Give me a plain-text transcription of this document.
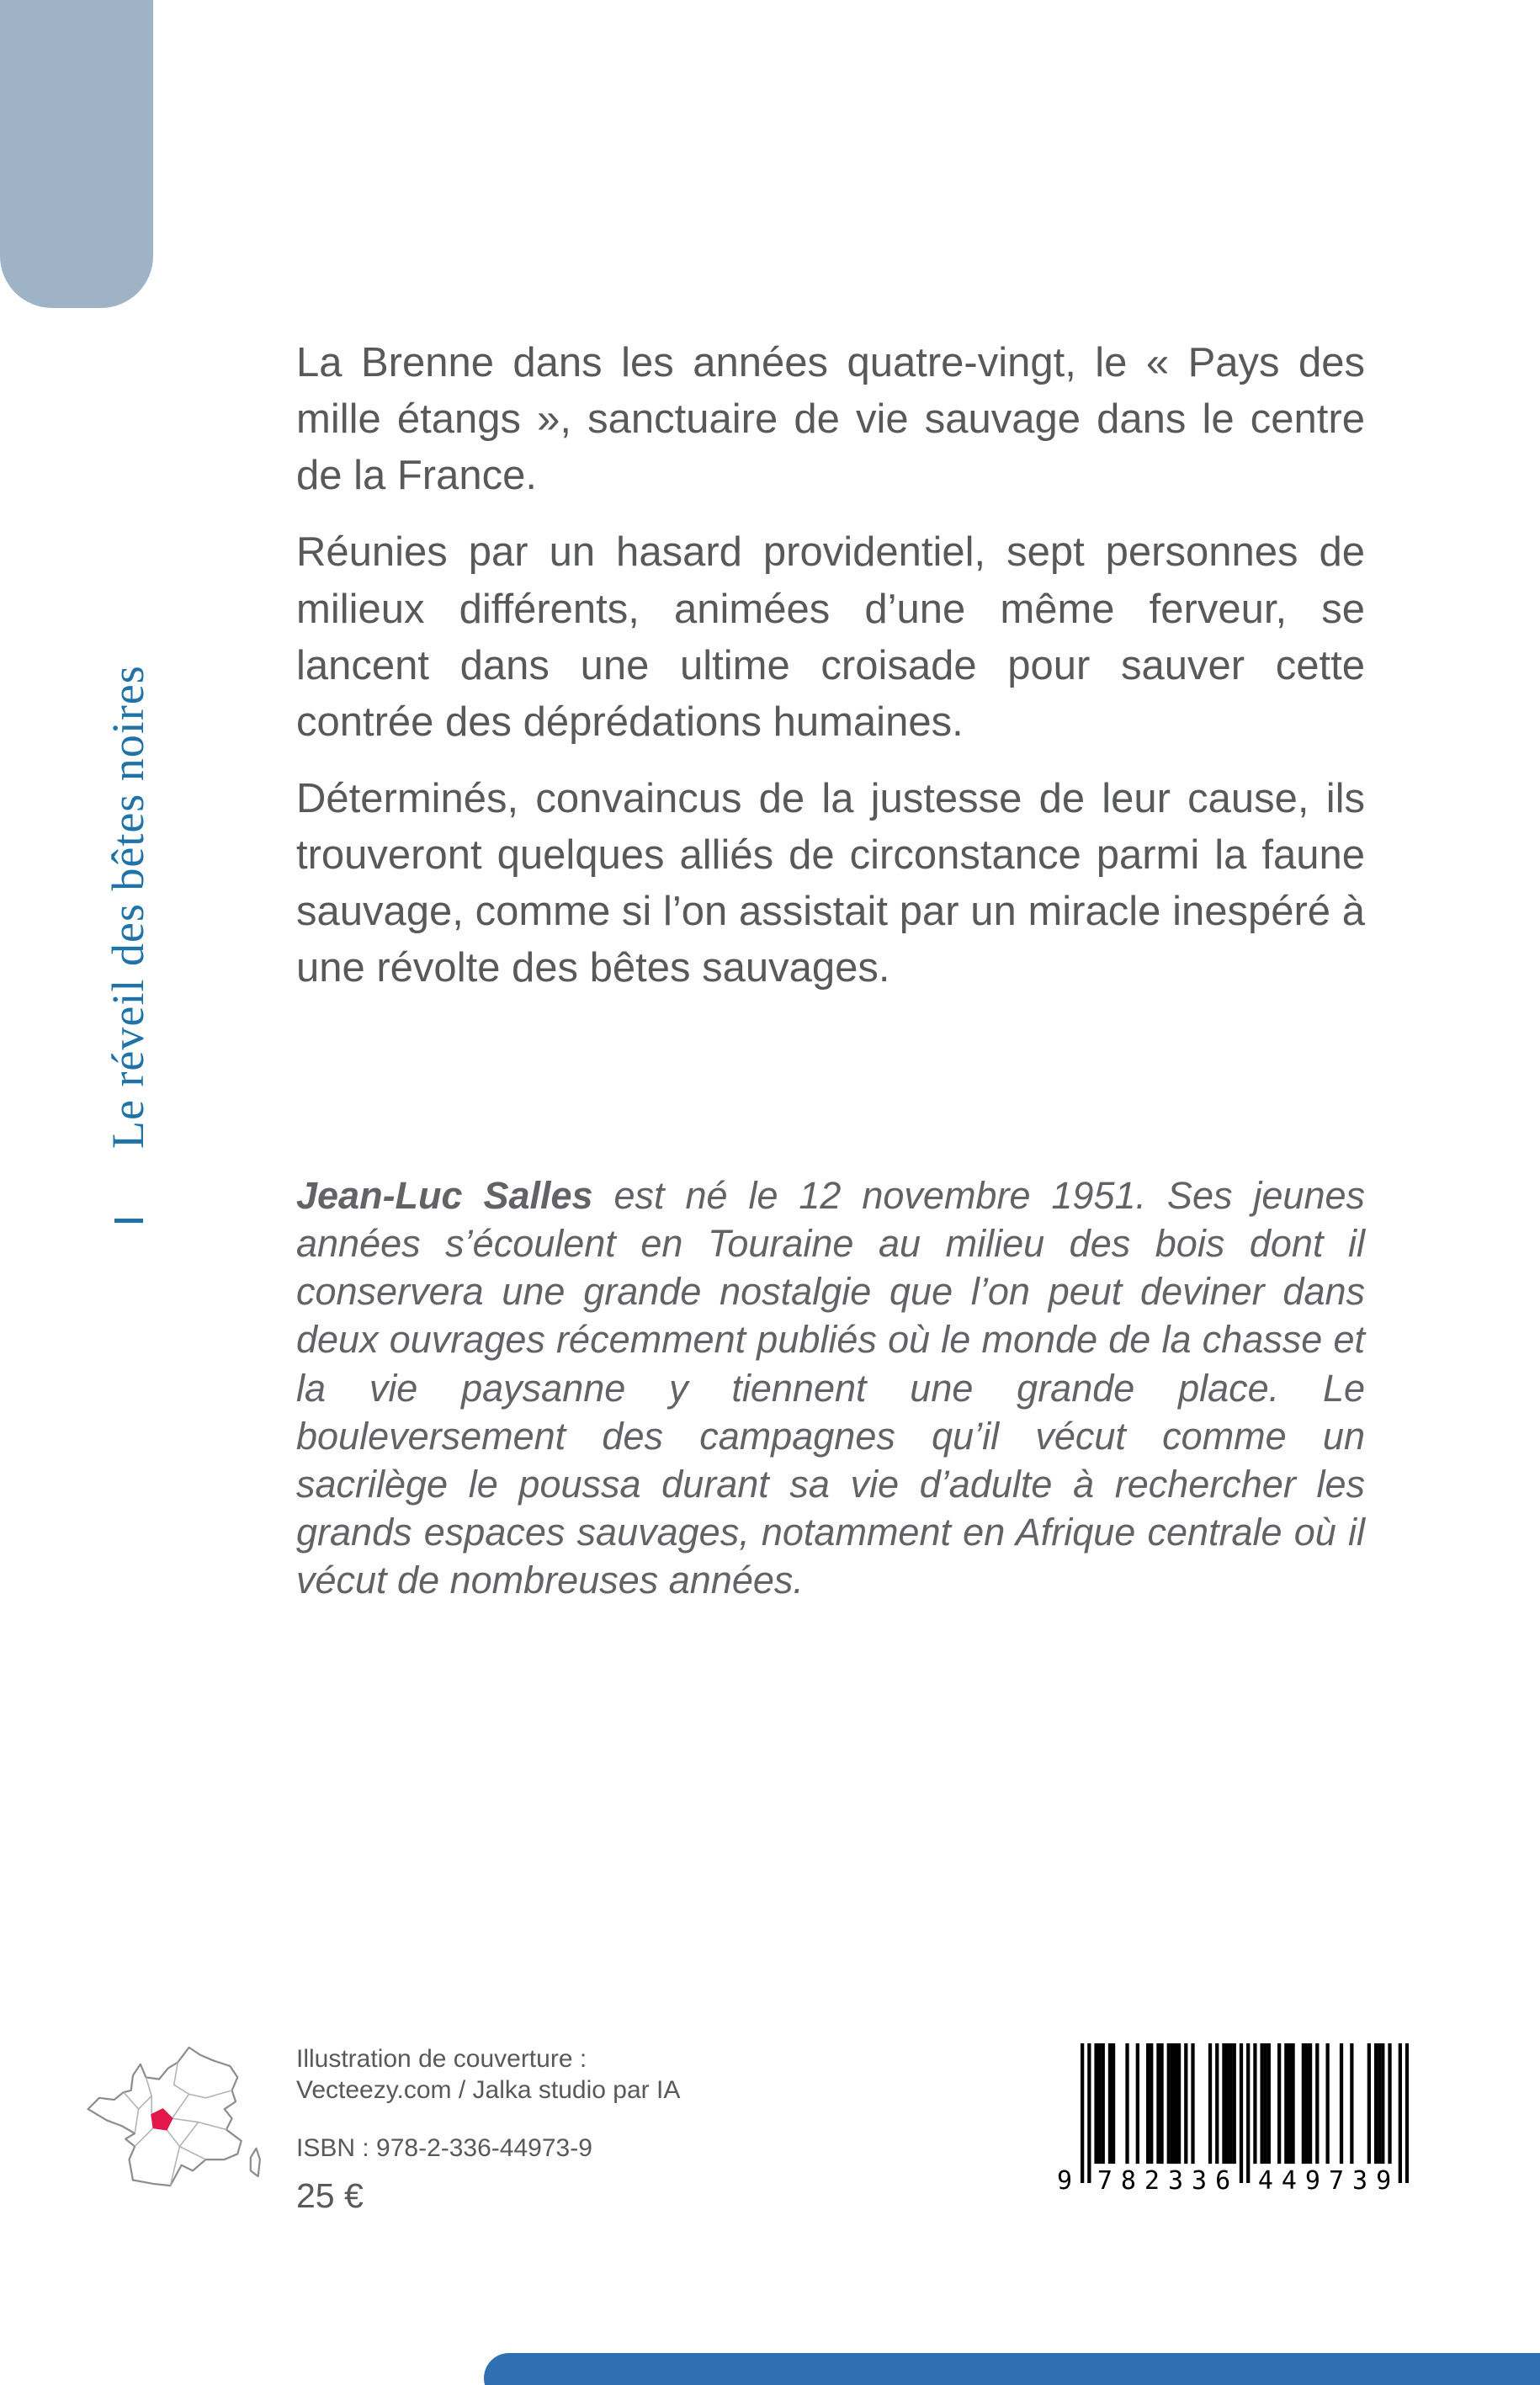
Le réveil des bêtes noires

La Brenne dans les années quatre-vingt, le « Pays des mille étangs », sanctuaire de vie sauvage dans le centre de la France.

Réunies par un hasard providentiel, sept personnes de milieux différents, animées d’une même ferveur, se lancent dans une ultime croisade pour sauver cette contrée des déprédations humaines.

Déterminés, convaincus de la justesse de leur cause, ils trouveront quelques alliés de circonstance parmi la faune sauvage, comme si l’on assistait par un miracle inespéré à une révolte des bêtes sauvages.

Jean-Luc Salles est né le 12 novembre 1951. Ses jeunes années s’écoulent en Touraine au milieu des bois dont il conservera une grande nostalgie que l’on peut deviner dans deux ouvrages récemment publiés où le monde de la chasse et la vie paysanne y tiennent une grande place. Le bouleversement des campagnes qu’il vécut comme un sacrilège le poussa durant sa vie d’adulte à rechercher les grands espaces sauvages, notamment en Afrique centrale où il vécut de nombreuses années.
Illustration de couverture :
Vecteezy.com / Jalka studio par IA
ISBN : 978-2-336-44973-9
25 €	9 782336 449739
